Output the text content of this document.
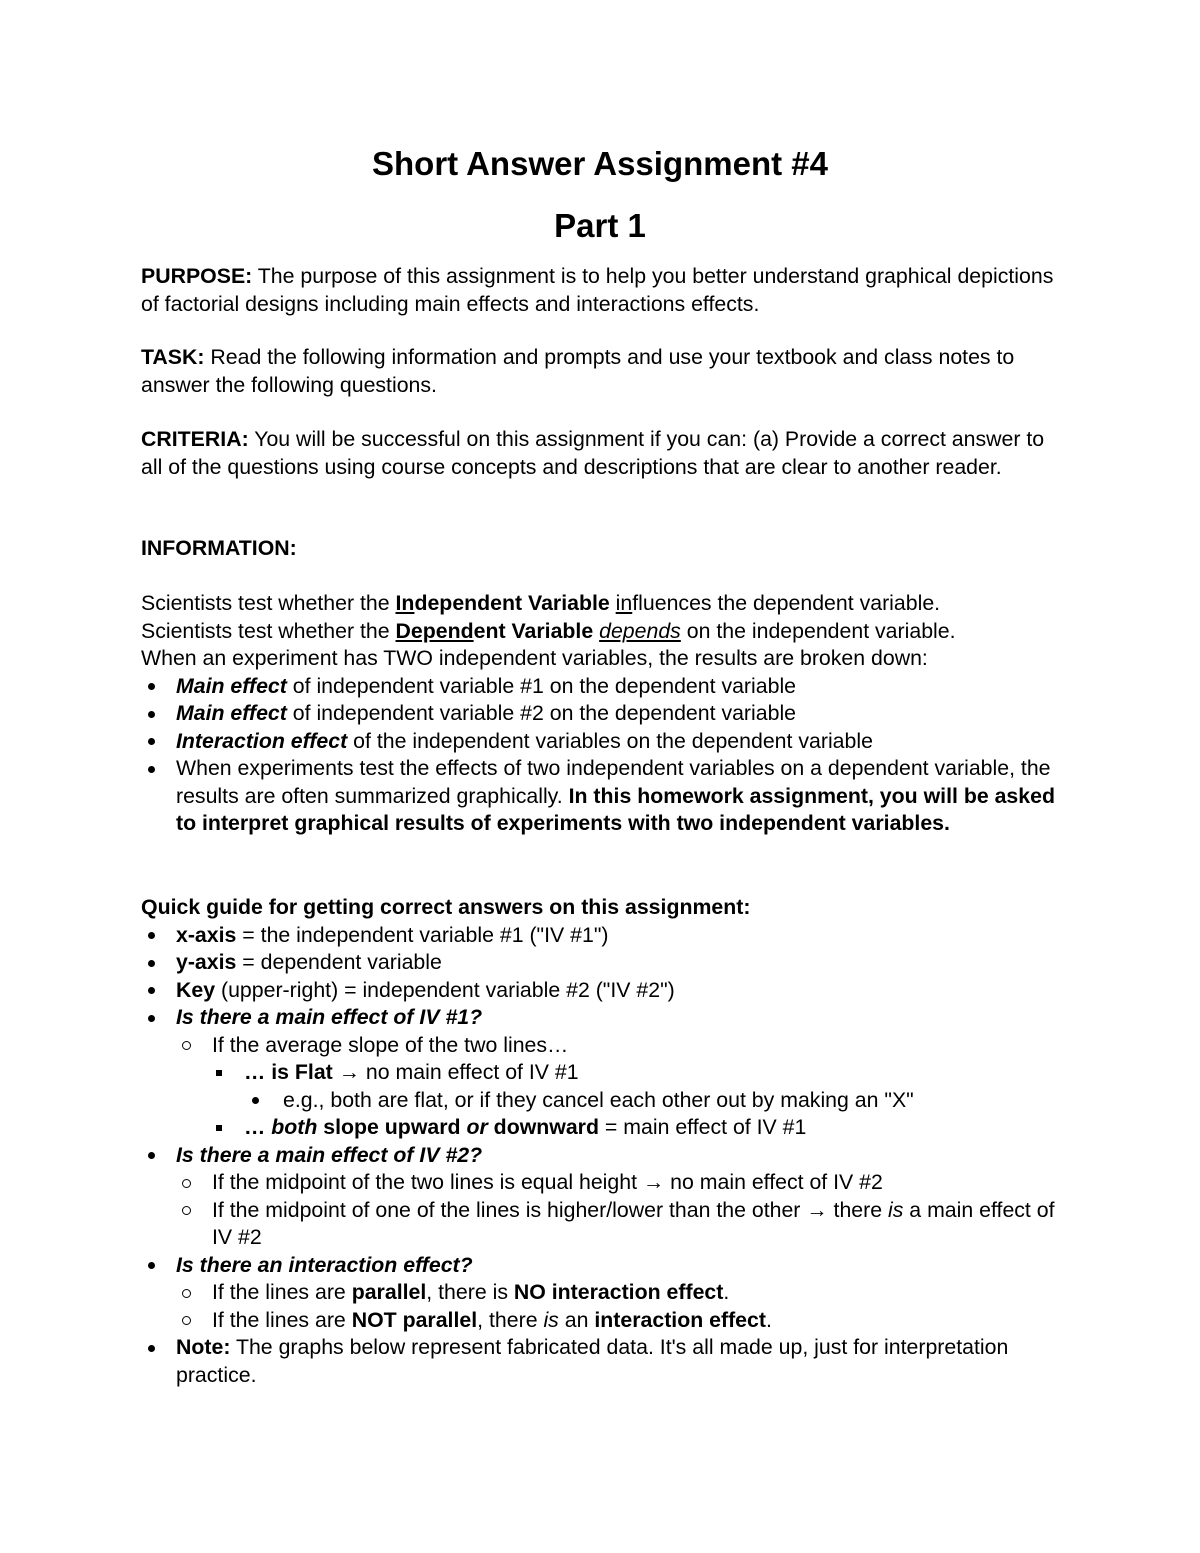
Short Answer Assignment #4
Part 1

PURPOSE: The purpose of this assignment is to help you better understand graphical depictions of factorial designs including main effects and interactions effects.

TASK: Read the following information and prompts and use your textbook and class notes to answer the following questions.

CRITERIA: You will be successful on this assignment if you can: (a) Provide a correct answer to all of the questions using course concepts and descriptions that are clear to another reader.

INFORMATION:

Scientists test whether the Independent Variable influences the dependent variable.

Scientists test whether the Dependent Variable depends on the independent variable.

When an experiment has TWO independent variables, the results are broken down:

Main effect of independent variable #1 on the dependent variable
Main effect of independent variable #2 on the dependent variable
Interaction effect of the independent variables on the dependent variable
When experiments test the effects of two independent variables on a dependent variable, the results are often summarized graphically. In this homework assignment, you will be asked to interpret graphical results of experiments with two independent variables.

Quick guide for getting correct answers on this assignment:

x-axis = the independent variable #1 ("IV #1")
y-axis = dependent variable
Key (upper-right) = independent variable #2 ("IV #2")
Is there a main effect of IV #1?
If the average slope of the two lines…
… is Flat → no main effect of IV #1
e.g., both are flat, or if they cancel each other out by making an "X"
… both slope upward or downward = main effect of IV #1
Is there a main effect of IV #2?
If the midpoint of the two lines is equal height → no main effect of IV #2
If the midpoint of one of the lines is higher/lower than the other → there is a main effect of IV #2
Is there an interaction effect?
If the lines are parallel, there is NO interaction effect.
If the lines are NOT parallel, there is an interaction effect.
Note: The graphs below represent fabricated data. It's all made up, just for interpretation practice.
